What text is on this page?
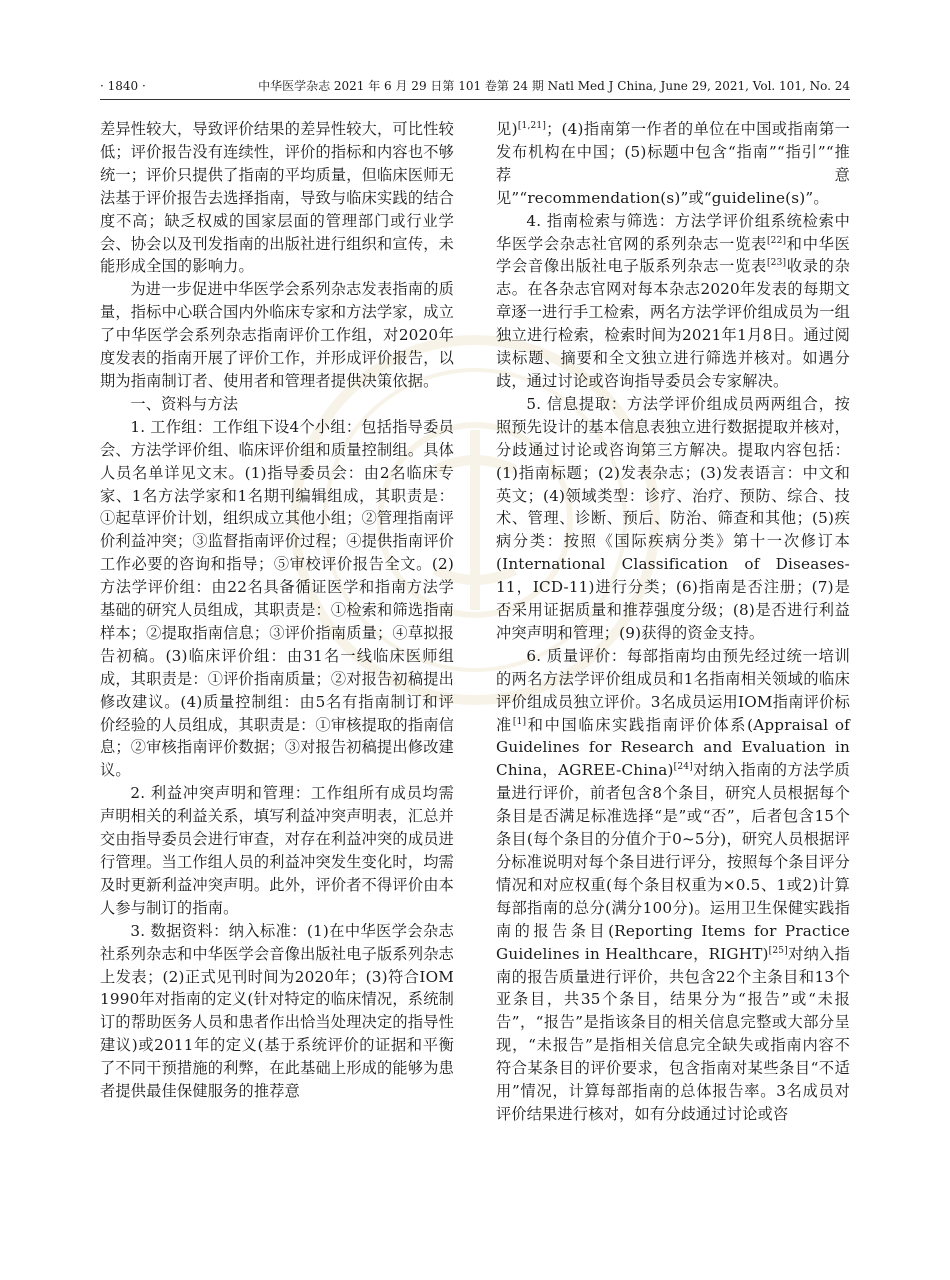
· 1840 ·	中华医学杂志 2021 年 6 月 29 日第 101 卷第 24 期 Natl Med J China, June 29, 2021, Vol. 101, No. 24

差异性较大，导致评价结果的差异性较大，可比性较低；评价报告没有连续性，评价的指标和内容也不够统一；评价只提供了指南的平均质量，但临床医师无法基于评价报告去选择指南，导致与临床实践的结合度不高；缺乏权威的国家层面的管理部门或行业学会、协会以及刊发指南的出版社进行组织和宣传，未能形成全国的影响力。

为进一步促进中华医学会系列杂志发表指南的质量，指标中心联合国内外临床专家和方法学家，成立了中华医学会系列杂志指南评价工作组，对2020年度发表的指南开展了评价工作，并形成评价报告，以期为指南制订者、使用者和管理者提供决策依据。

一、资料与方法

1. 工作组：工作组下设4个小组：包括指导委员会、方法学评价组、临床评价组和质量控制组。具体人员名单详见文末。(1)指导委员会：由2名临床专家、1名方法学家和1名期刊编辑组成，其职责是：①起草评价计划，组织成立其他小组；②管理指南评价利益冲突；③监督指南评价过程；④提供指南评价工作必要的咨询和指导；⑤审校评价报告全文。(2)方法学评价组：由22名具备循证医学和指南方法学基础的研究人员组成，其职责是：①检索和筛选指南样本；②提取指南信息；③评价指南质量；④草拟报告初稿。(3)临床评价组：由31名一线临床医师组成，其职责是：①评价指南质量；②对报告初稿提出修改建议。(4)质量控制组：由5名有指南制订和评价经验的人员组成，其职责是：①审核提取的指南信息；②审核指南评价数据；③对报告初稿提出修改建议。

2. 利益冲突声明和管理：工作组所有成员均需声明相关的利益关系，填写利益冲突声明表，汇总并交由指导委员会进行审查，对存在利益冲突的成员进行管理。当工作组人员的利益冲突发生变化时，均需及时更新利益冲突声明。此外，评价者不得评价由本人参与制订的指南。

3. 数据资料：纳入标准：(1)在中华医学会杂志社系列杂志和中华医学会音像出版社电子版系列杂志上发表；(2)正式见刊时间为2020年；(3)符合IOM 1990年对指南的定义(针对特定的临床情况，系统制订的帮助医务人员和患者作出恰当处理决定的指导性建议)或2011年的定义(基于系统评价的证据和平衡了不同干预措施的利弊，在此基础上形成的能够为患者提供最佳保健服务的推荐意

见)[1,21]；(4)指南第一作者的单位在中国或指南第一发布机构在中国；(5)标题中包含“指南”“指引”“推荐意见”“recommendation(s)”或“guideline(s)”。

4. 指南检索与筛选：方法学评价组系统检索中华医学会杂志社官网的系列杂志一览表[22]和中华医学会音像出版社电子版系列杂志一览表[23]收录的杂志。在各杂志官网对每本杂志2020年发表的每期文章逐一进行手工检索，两名方法学评价组成员为一组独立进行检索，检索时间为2021年1月8日。通过阅读标题、摘要和全文独立进行筛选并核对。如遇分歧，通过讨论或咨询指导委员会专家解决。

5. 信息提取：方法学评价组成员两两组合，按照预先设计的基本信息表独立进行数据提取并核对，分歧通过讨论或咨询第三方解决。提取内容包括：(1)指南标题；(2)发表杂志；(3)发表语言：中文和英文；(4)领域类型：诊疗、治疗、预防、综合、技术、管理、诊断、预后、防治、筛查和其他；(5)疾病分类：按照《国际疾病分类》第十一次修订本(International Classification of Diseases-11，ICD-11)进行分类；(6)指南是否注册；(7)是否采用证据质量和推荐强度分级；(8)是否进行利益冲突声明和管理；(9)获得的资金支持。

6. 质量评价：每部指南均由预先经过统一培训的两名方法学评价组成员和1名指南相关领域的临床评价组成员独立评价。3名成员运用IOM指南评价标准[1]和中国临床实践指南评价体系(Appraisal of Guidelines for Research and Evaluation in China，AGREE-China)[24]对纳入指南的方法学质量进行评价，前者包含8个条目，研究人员根据每个条目是否满足标准选择“是”或“否”，后者包含15个条目(每个条目的分值介于0~5分)，研究人员根据评分标准说明对每个条目进行评分，按照每个条目评分情况和对应权重(每个条目权重为×0.5、1或2)计算每部指南的总分(满分100分)。运用卫生保健实践指南的报告条目(Reporting Items for Practice Guidelines in Healthcare，RIGHT)[25]对纳入指南的报告质量进行评价，共包含22个主条目和13个亚条目，共35个条目，结果分为“报告”或“未报告”，“报告”是指该条目的相关信息完整或大部分呈现，“未报告”是指相关信息完全缺失或指南内容不符合某条目的评价要求，包含指南对某些条目“不适用”情况，计算每部指南的总体报告率。3名成员对评价结果进行核对，如有分歧通过讨论或咨
